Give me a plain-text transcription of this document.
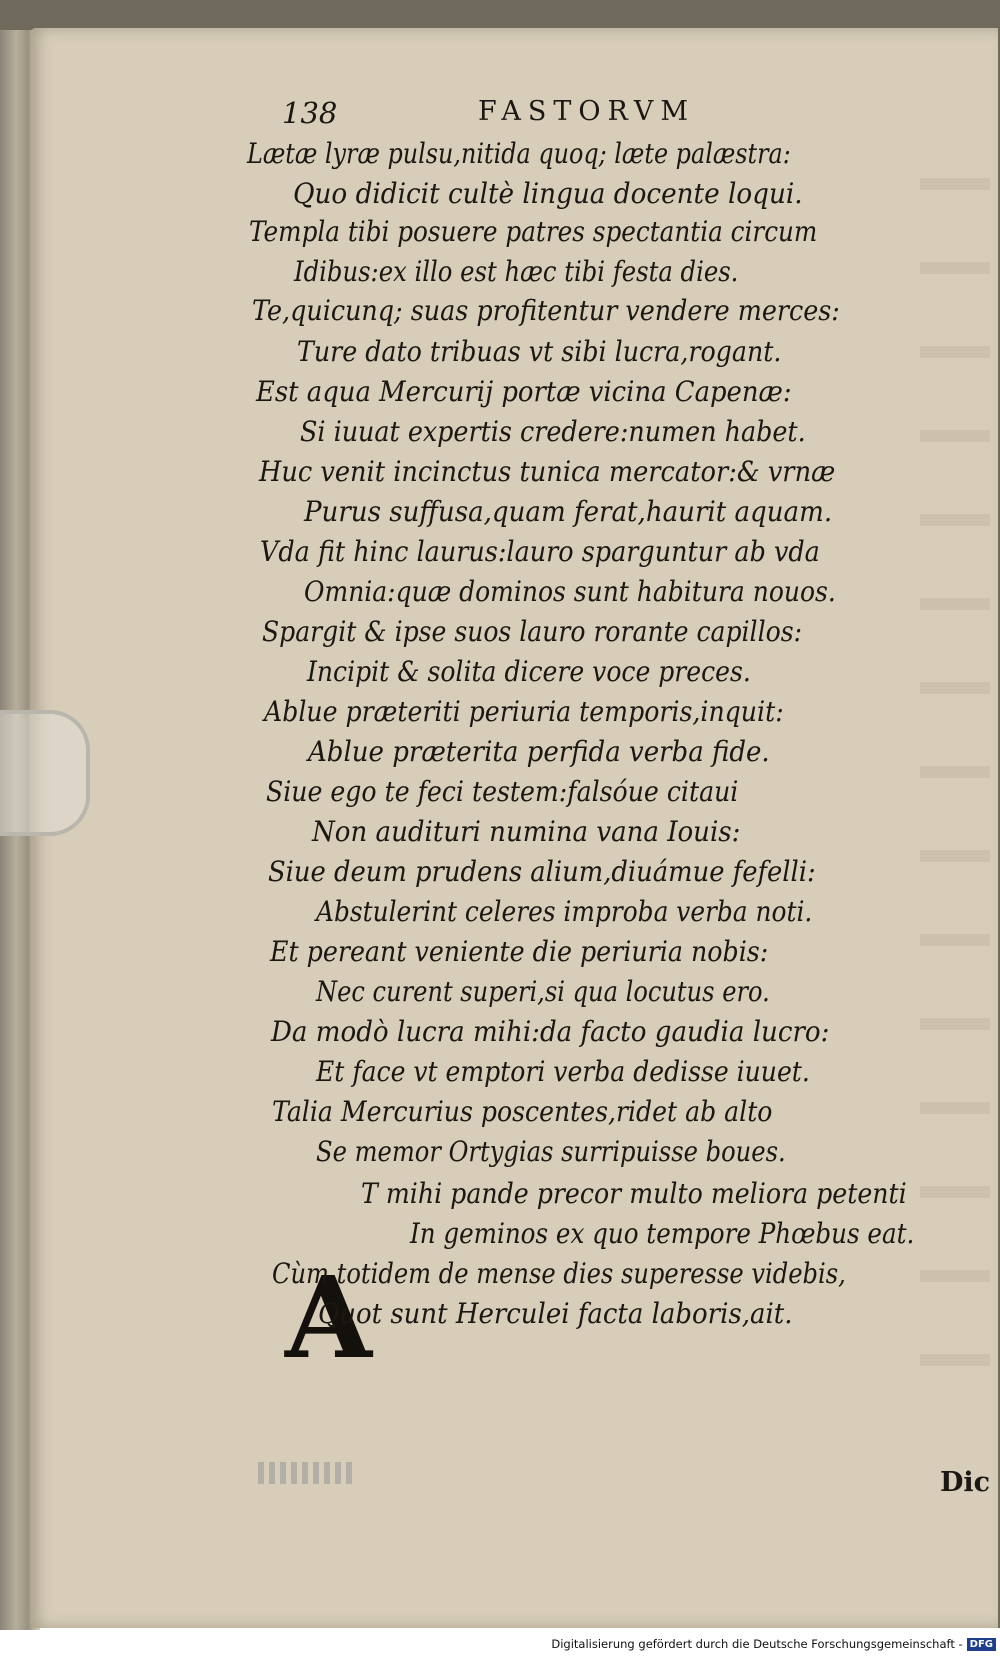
138	FASTORVM
Lætæ lyræ pulsu,nitida quoq; læte palæstra:
Quo didicit cultè lingua docente loqui.
Templa tibi posuere patres spectantia circum
Idibus:ex illo est hæc tibi festa dies.
Te,quicunq; suas profitentur vendere merces:
Ture dato tribuas vt sibi lucra,rogant.
Est aqua Mercurij portæ vicina Capenæ:
Si iuuat expertis credere:numen habet.
Huc venit incinctus tunica mercator:& vrnæ
Purus suffusa,quam ferat,haurit aquam.
Vda fit hinc laurus:lauro sparguntur ab vda
Omnia:quæ dominos sunt habitura nouos.
Spargit & ipse suos lauro rorante capillos:
Incipit & solita dicere voce preces.
Ablue præteriti periuria temporis,inquit:
Ablue præterita perfida verba fide.
Siue ego te feci testem:falsóue citaui
Non audituri numina vana Iouis:
Siue deum prudens alium,diuámue fefelli:
Abstulerint celeres improba verba noti.
Et pereant veniente die periuria nobis:
Nec curent superi,si qua locutus ero.
Da modò lucra mihi:da facto gaudia lucro:
Et face vt emptori verba dedisse iuuet.
Talia Mercurius poscentes,ridet ab alto
Se memor Ortygias surripuisse boues.
A
T mihi pande precor multo meliora petenti
In geminos ex quo tempore Phœbus eat.
Cùm totidem de mense dies superesse videbis,
Quot sunt Herculei facta laboris,ait.
Dic
Digitalisierung gefördert durch die Deutsche Forschungsgemeinschaft - DFG
